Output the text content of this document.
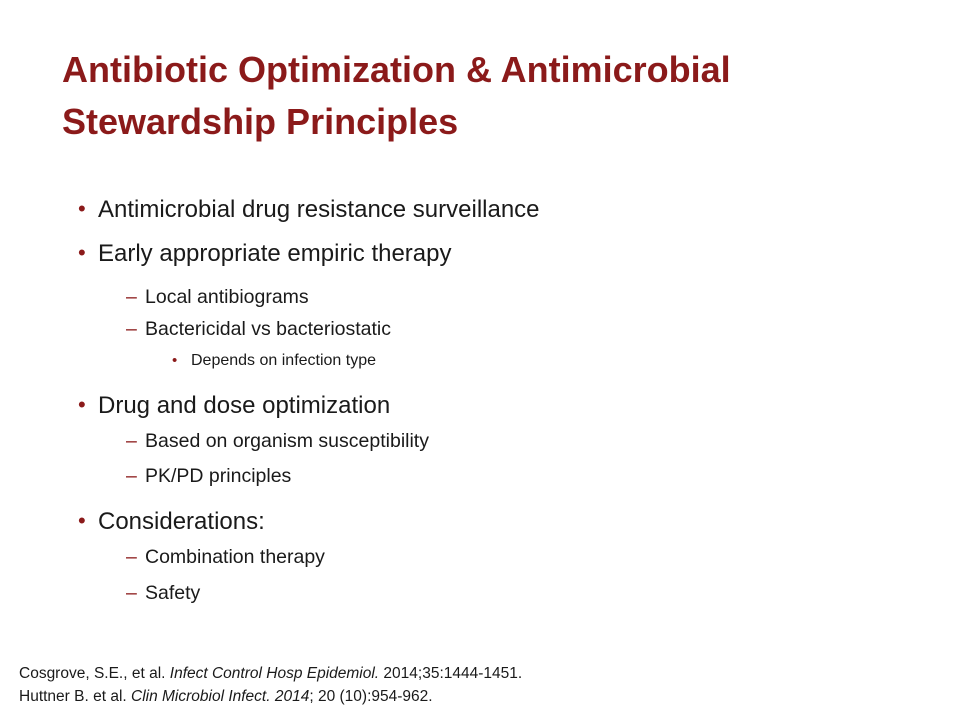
Antibiotic Optimization & Antimicrobial
Stewardship Principles
• Antimicrobial drug resistance surveillance
• Early appropriate empiric therapy
– Local antibiograms
– Bactericidal vs bacteriostatic
• Depends on infection type
• Drug and dose optimization
– Based on organism susceptibility
– PK/PD principles
• Considerations:
– Combination therapy
– Safety
Cosgrove, S.E., et al. Infect Control Hosp Epidemiol. 2014;35:1444-1451.
Huttner B. et al. Clin Microbiol Infect. 2014; 20 (10):954-962.
